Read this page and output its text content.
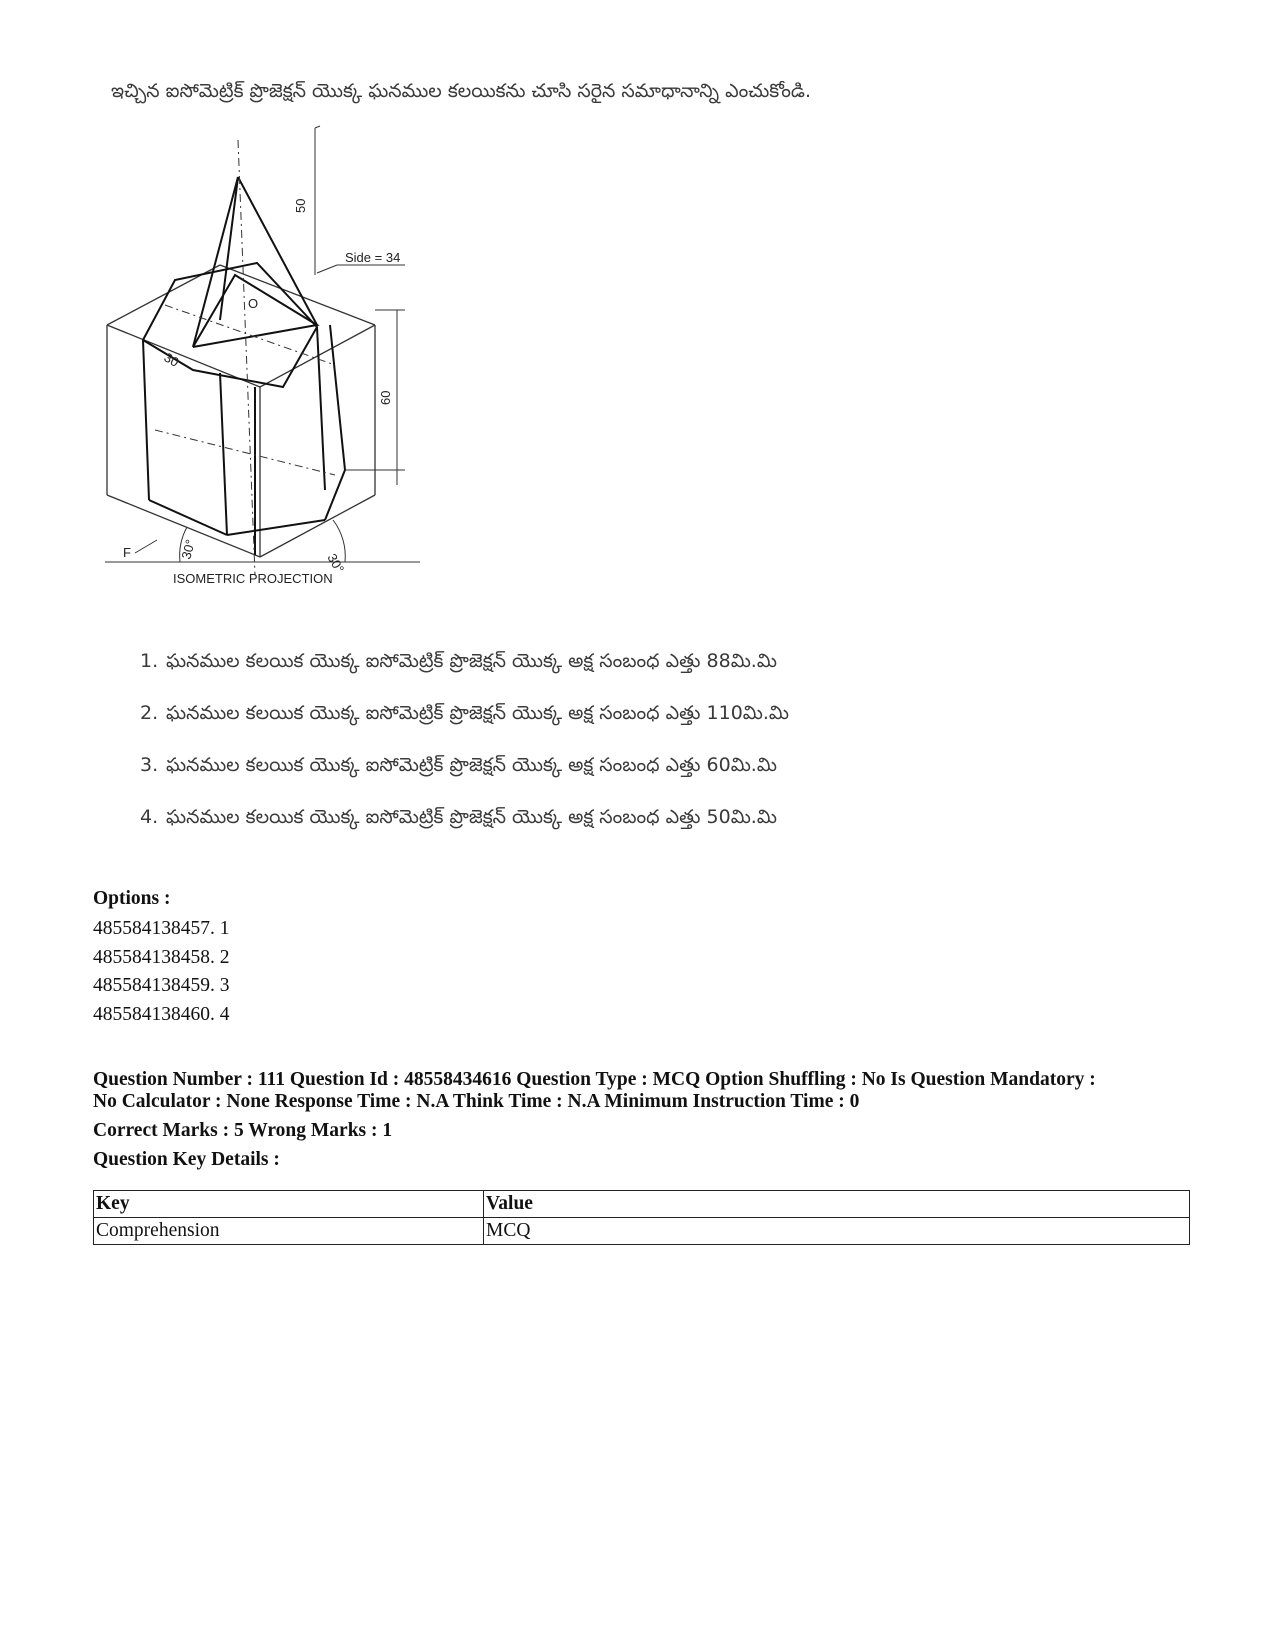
ఇచ్చిన ఐసోమెట్రిక్ ప్రొజెక్షన్ యొక్క ఘనముల కలయికను చూసి సరైన సమాధానాన్ని ఎంచుకోండి.
50
Side = 34
60
O
30
30°
30°
F
ISOMETRIC PROJECTION
1. ఘనముల కలయిక యొక్క ఐసోమెట్రిక్ ప్రొజెక్షన్ యొక్క అక్ష సంబంధ ఎత్తు 88మి.మి
2. ఘనముల కలయిక యొక్క ఐసోమెట్రిక్ ప్రొజెక్షన్ యొక్క అక్ష సంబంధ ఎత్తు 110మి.మి
3. ఘనముల కలయిక యొక్క ఐసోమెట్రిక్ ప్రొజెక్షన్ యొక్క అక్ష సంబంధ ఎత్తు 60మి.మి
4. ఘనముల కలయిక యొక్క ఐసోమెట్రిక్ ప్రొజెక్షన్ యొక్క అక్ష సంబంధ ఎత్తు 50మి.మి
Options :
485584138457. 1
485584138458. 2
485584138459. 3
485584138460. 4
Question Number : 111 Question Id : 48558434616 Question Type : MCQ Option Shuffling : No Is Question Mandatory :
No Calculator : None Response Time : N.A Think Time : N.A Minimum Instruction Time : 0
Correct Marks : 5 Wrong Marks : 1
Question Key Details :
Key	Value
Comprehension	MCQ
